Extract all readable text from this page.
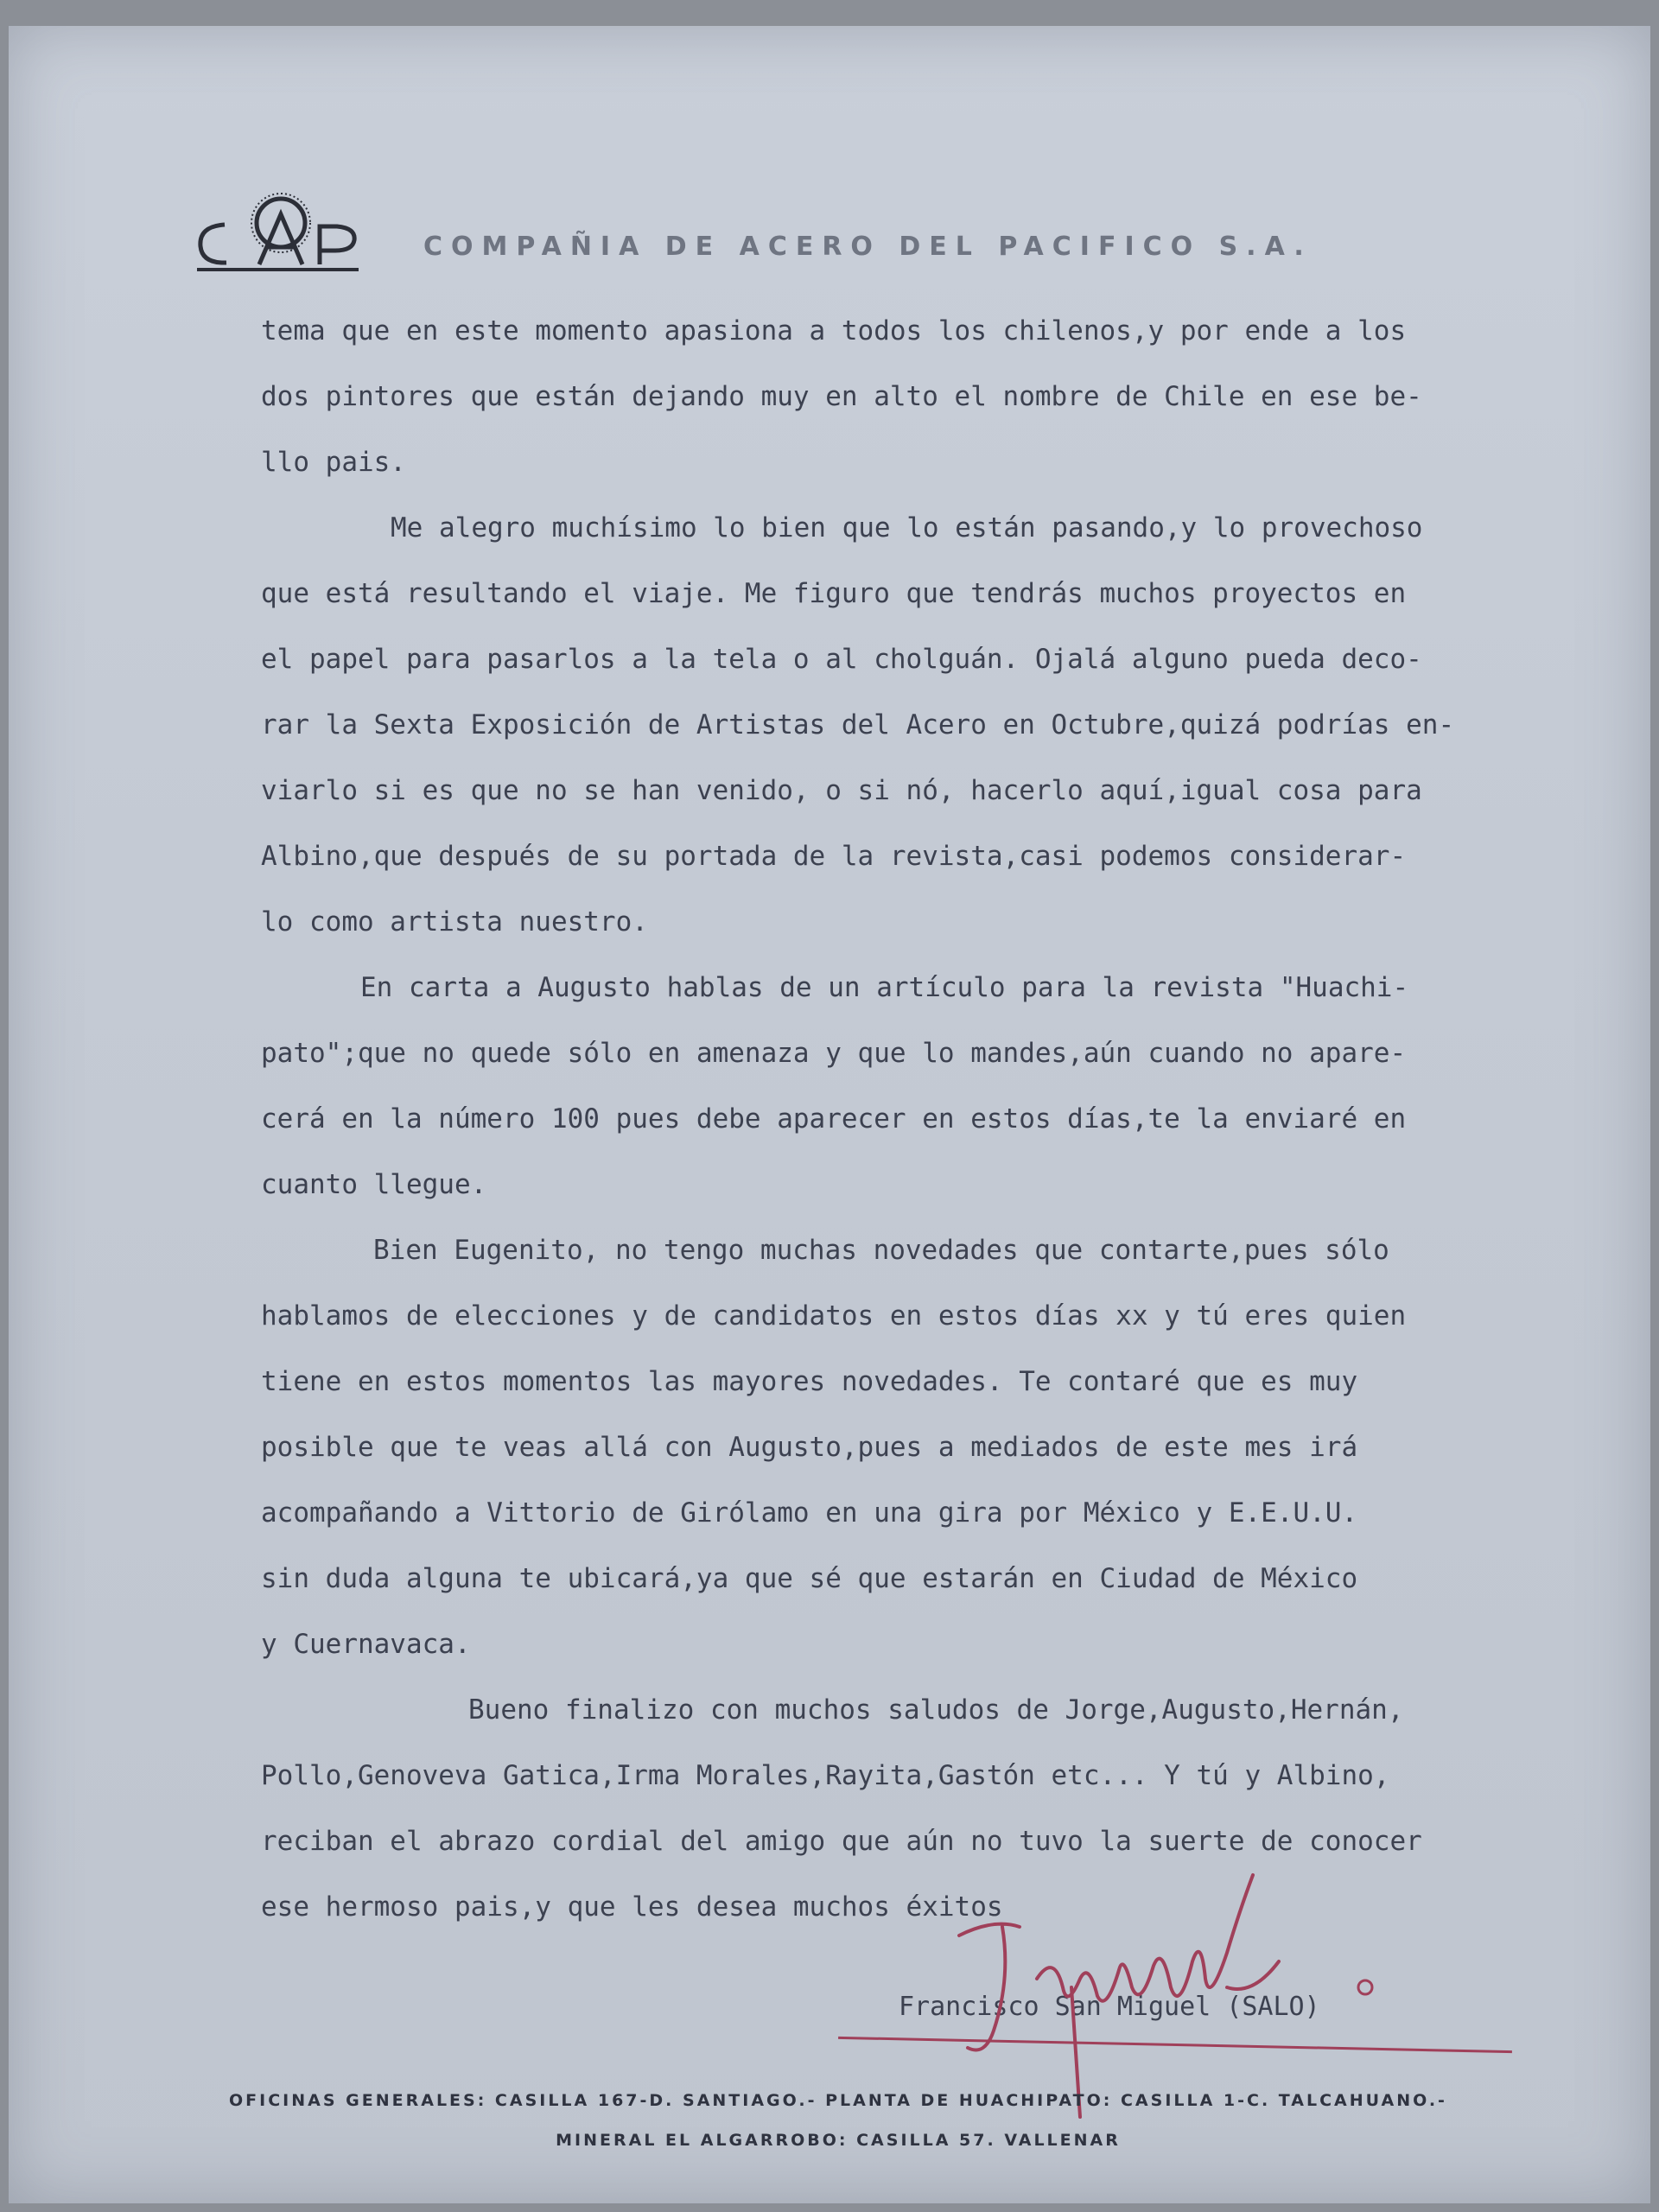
COMPAÑIA DE ACERO DEL PACIFICO S.A.
tema que en este momento apasiona a todos los chilenos,y por ende a los
dos pintores que están dejando muy en alto el nombre de Chile en ese be-
llo pais.
Me alegro muchísimo lo bien que lo están pasando,y lo provechoso
que está resultando el viaje. Me figuro que tendrás muchos proyectos en
el papel para pasarlos a la tela o al cholguán. Ojalá alguno pueda deco-
rar la Sexta Exposición de Artistas del Acero en Octubre,quizá podrías en-
viarlo si es que no se han venido, o si nó, hacerlo aquí,igual cosa para
Albino,que después de su portada de la revista,casi podemos considerar-
lo como artista nuestro.
En carta a Augusto hablas de un artículo para la revista "Huachi-
pato";que no quede sólo en amenaza y que lo mandes,aún cuando no apare-
cerá en la número 100 pues debe aparecer en estos días,te la enviaré en
cuanto llegue.
Bien Eugenito, no tengo muchas novedades que contarte,pues sólo
hablamos de elecciones y de candidatos en estos días xx y tú eres quien
tiene en estos momentos las mayores novedades. Te contaré que es muy
posible que te veas allá con Augusto,pues a mediados de este mes irá
acompañando a Vittorio de Girólamo en una gira por México y E.E.U.U.
sin duda alguna te ubicará,ya que sé que estarán en Ciudad de México
y Cuernavaca.
Bueno finalizo con muchos saludos de Jorge,Augusto,Hernán,
Pollo,Genoveva Gatica,Irma Morales,Rayita,Gastón etc... Y tú y Albino,
reciban el abrazo cordial del amigo que aún no tuvo la suerte de conocer
ese hermoso pais,y que les desea muchos éxitos
Francisco San Miguel (SALO)
OFICINAS GENERALES: CASILLA 167-D. SANTIAGO.- PLANTA DE HUACHIPATO: CASILLA 1-C. TALCAHUANO.-
MINERAL EL ALGARROBO: CASILLA 57. VALLENAR
